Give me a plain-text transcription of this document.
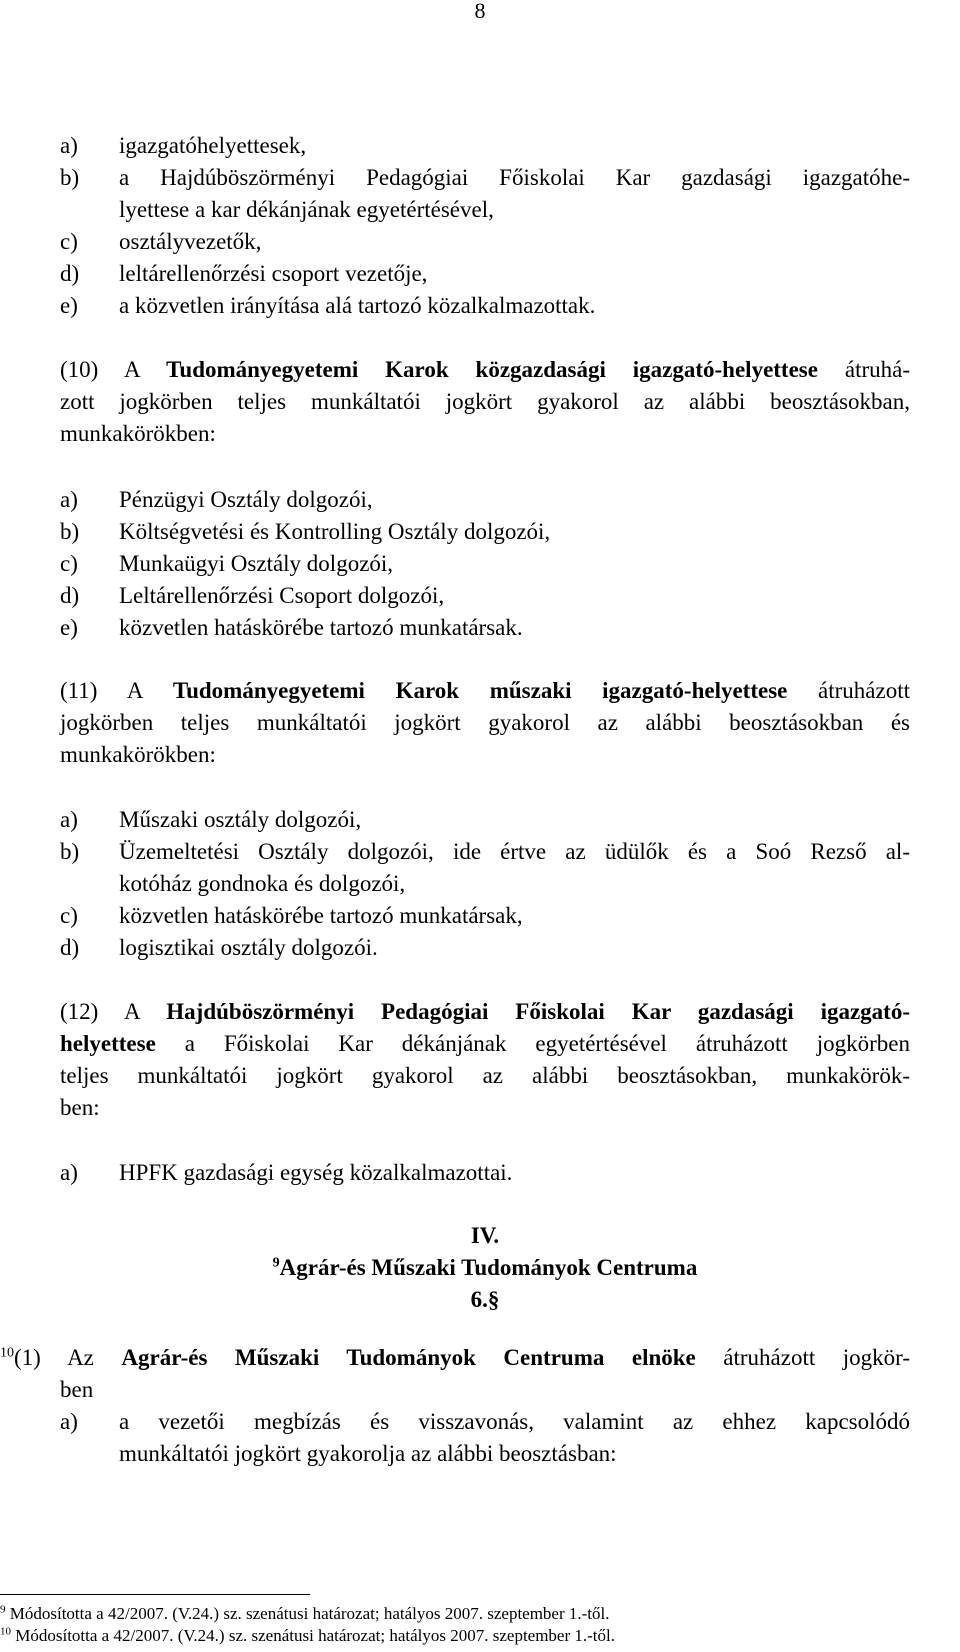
8
a)	igazgatóhelyettesek,
b)	a Hajdúböszörményi Pedagógiai Főiskolai Kar gazdasági igazgatóhe-
lyettese a kar dékánjának egyetértésével,
c)	osztályvezetők,
d)	leltárellenőrzési csoport vezetője,
e)	a közvetlen irányítása alá tartozó közalkalmazottak.
(10) A Tudományegyetemi Karok közgazdasági igazgató-helyettese átruhá-
zott jogkörben teljes munkáltatói jogkört gyakorol az alábbi beosztásokban,
munkakörökben:
a)	Pénzügyi Osztály dolgozói,
b)	Költségvetési és Kontrolling Osztály dolgozói,
c)	Munkaügyi Osztály dolgozói,
d)	Leltárellenőrzési Csoport dolgozói,
e)	közvetlen hatáskörébe tartozó munkatársak.
(11) A Tudományegyetemi Karok műszaki igazgató-helyettese átruházott
jogkörben teljes munkáltatói jogkört gyakorol az alábbi beosztásokban és
munkakörökben:
a)	Műszaki osztály dolgozói,
b)	Üzemeltetési Osztály dolgozói, ide értve az üdülők és a Soó Rezső al-
kotóház gondnoka és dolgozói,
c)	közvetlen hatáskörébe tartozó munkatársak,
d)	logisztikai osztály dolgozói.
(12) A Hajdúböszörményi Pedagógiai Főiskolai Kar gazdasági igazgató-
helyettese a Főiskolai Kar dékánjának egyetértésével átruházott jogkörben
teljes munkáltatói jogkört gyakorol az alábbi beosztásokban, munkakörök-
ben:
a)	HPFK gazdasági egység közalkalmazottai.
IV.
$^9$Agrár-és Műszaki Tudományok Centruma
6.§
$^{10}$(1) Az Agrár-és Műszaki Tudományok Centruma elnöke átruházott jogkör-
ben
a)	a vezetői megbízás és visszavonás, valamint az ehhez kapcsolódó
munkáltatói jogkört gyakorolja az alábbi beosztásban:
$^9$ Módosította a 42/2007. (V.24.) sz. szenátusi határozat; hatályos 2007. szeptember 1.-től.
$^{10}$ Módosította a 42/2007. (V.24.) sz. szenátusi határozat; hatályos 2007. szeptember 1.-től.
